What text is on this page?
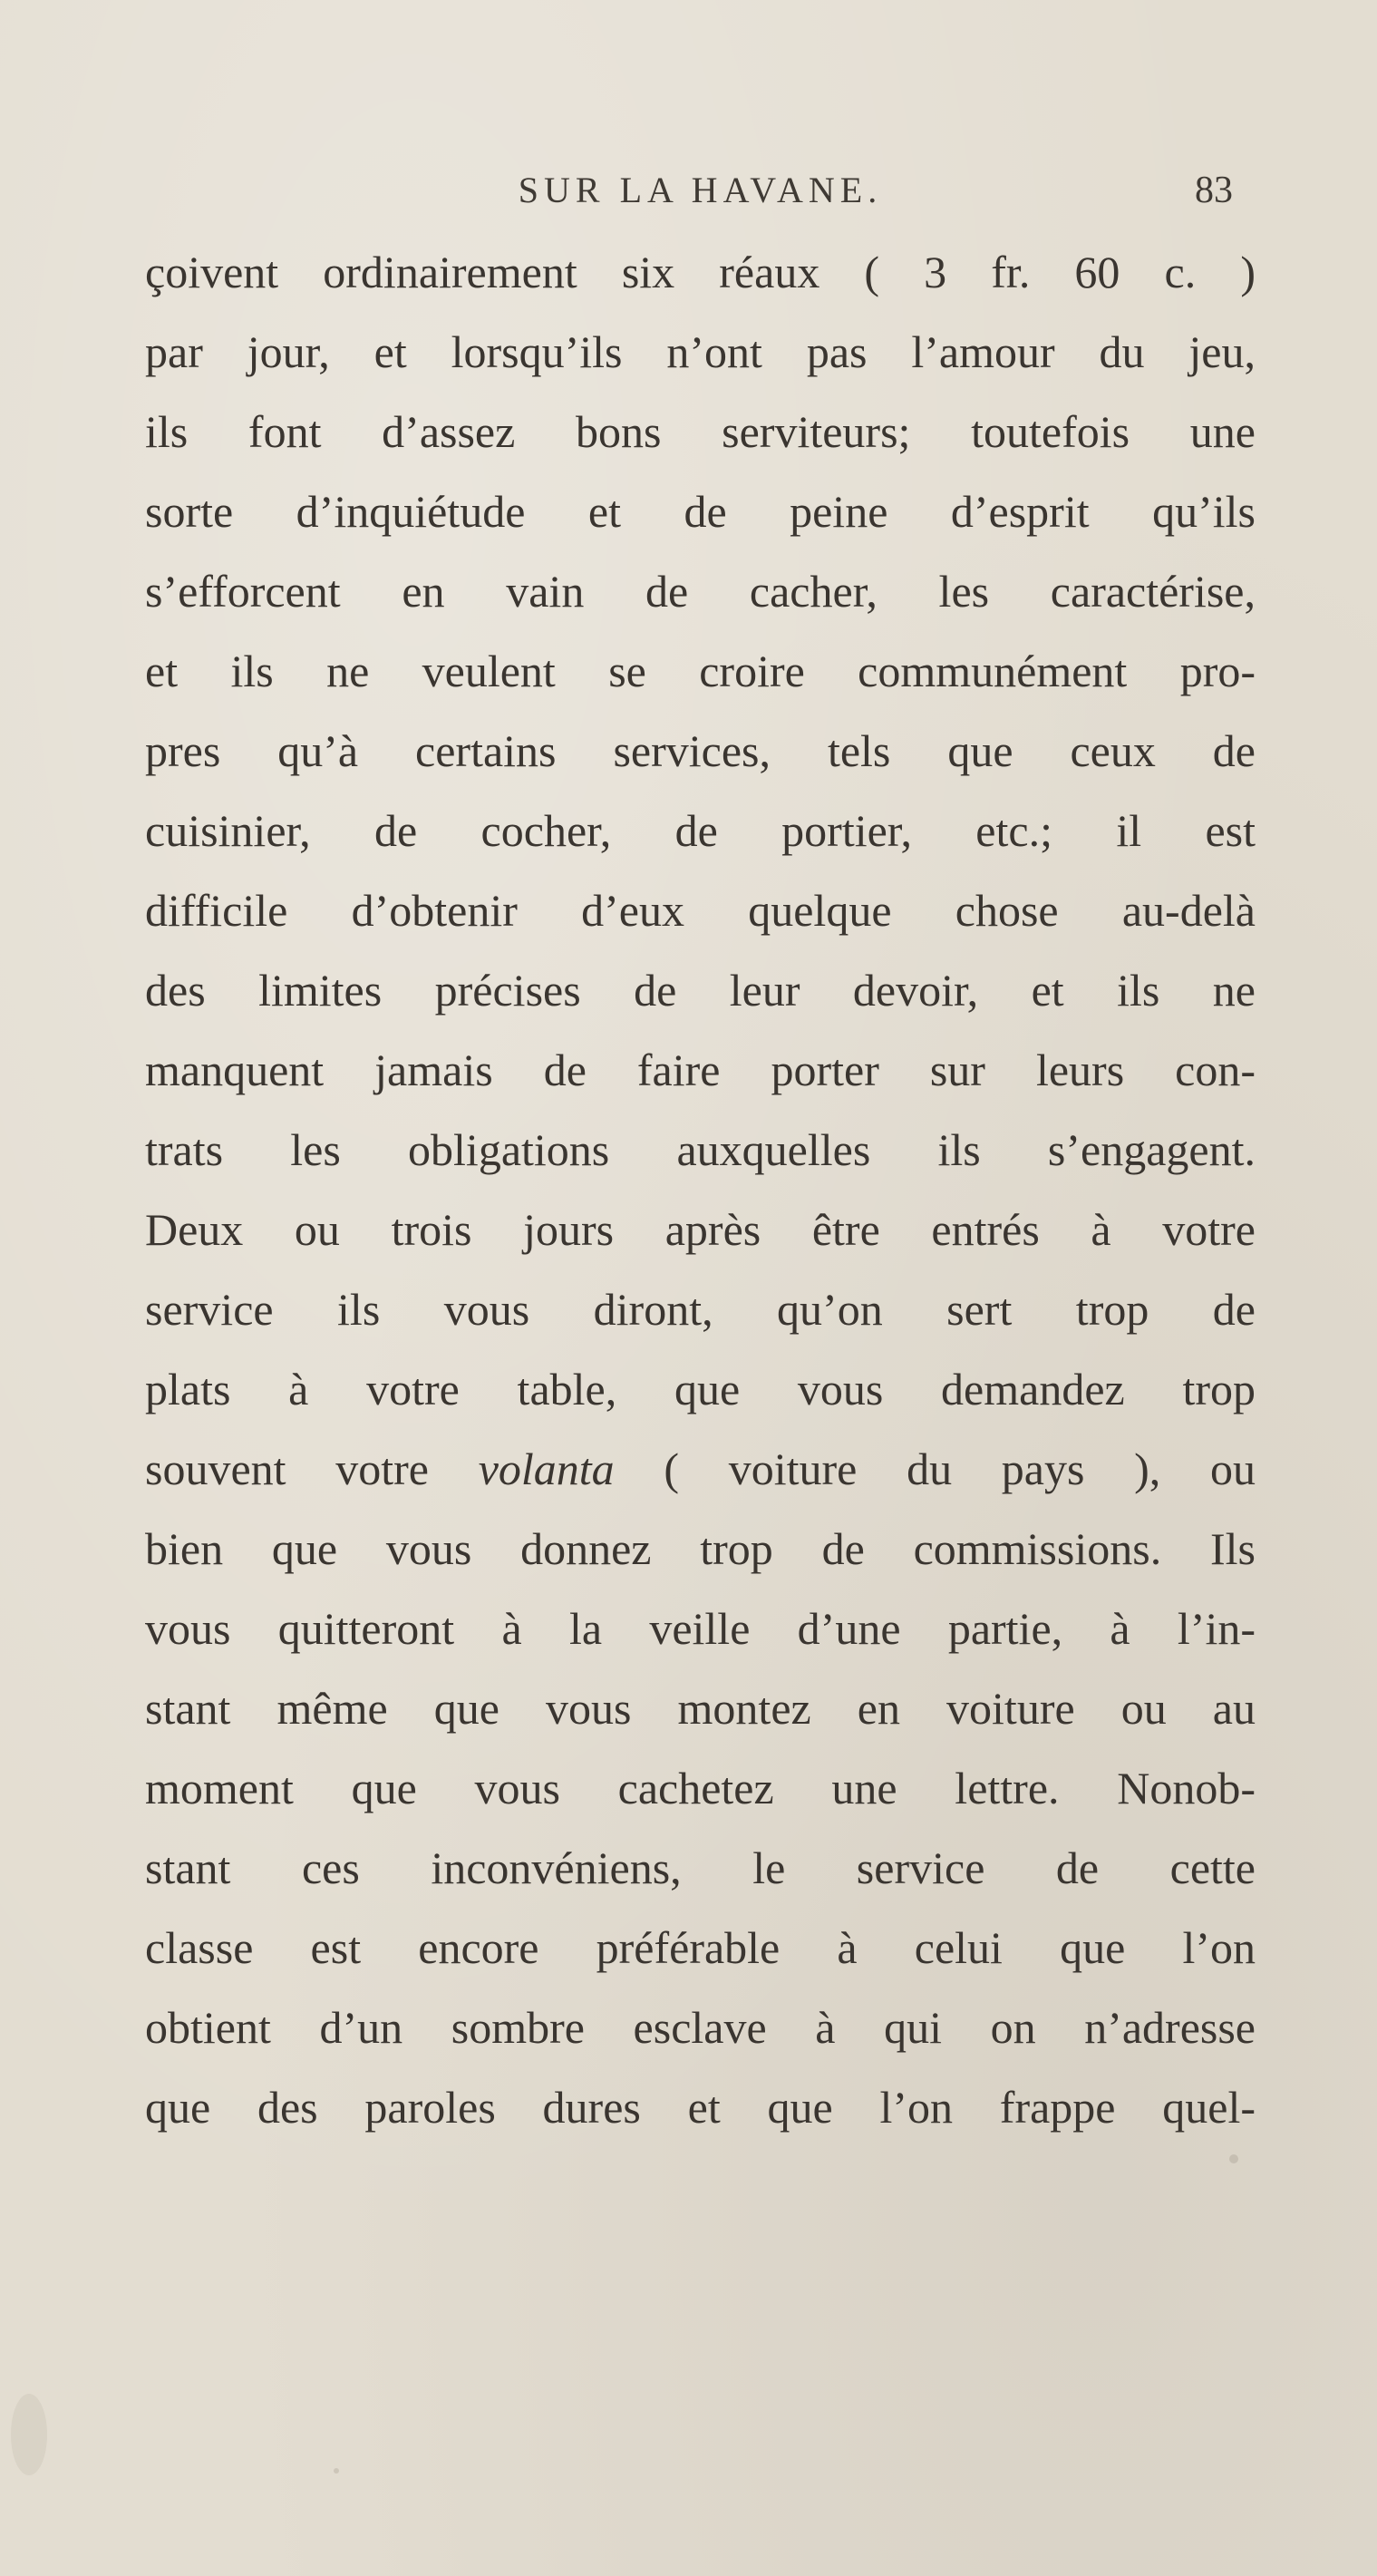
SUR LA HAVANE.	83
çoivent ordinairement six réaux ( 3 fr. 60 c. )
par jour, et lorsqu’ils n’ont pas l’amour du jeu,
ils font d’assez bons serviteurs; toutefois une
sorte d’inquiétude et de peine d’esprit qu’ils
s’efforcent en vain de cacher, les caractérise,
et ils ne veulent se croire communément pro-
pres qu’à certains services, tels que ceux de
cuisinier, de cocher, de portier, etc.; il est
difficile d’obtenir d’eux quelque chose au-delà
des limites précises de leur devoir, et ils ne
manquent jamais de faire porter sur leurs con-
trats les obligations auxquelles ils s’engagent.
Deux ou trois jours après être entrés à votre
service ils vous diront, qu’on sert trop de
plats à votre table, que vous demandez trop
souvent votre volanta ( voiture du pays ), ou
bien que vous donnez trop de commissions. Ils
vous quitteront à la veille d’une partie, à l’in-
stant même que vous montez en voiture ou au
moment que vous cachetez une lettre. Nonob-
stant ces inconvéniens, le service de cette
classe est encore préférable à celui que l’on
obtient d’un sombre esclave à qui on n’adresse
que des paroles dures et que l’on frappe quel-
